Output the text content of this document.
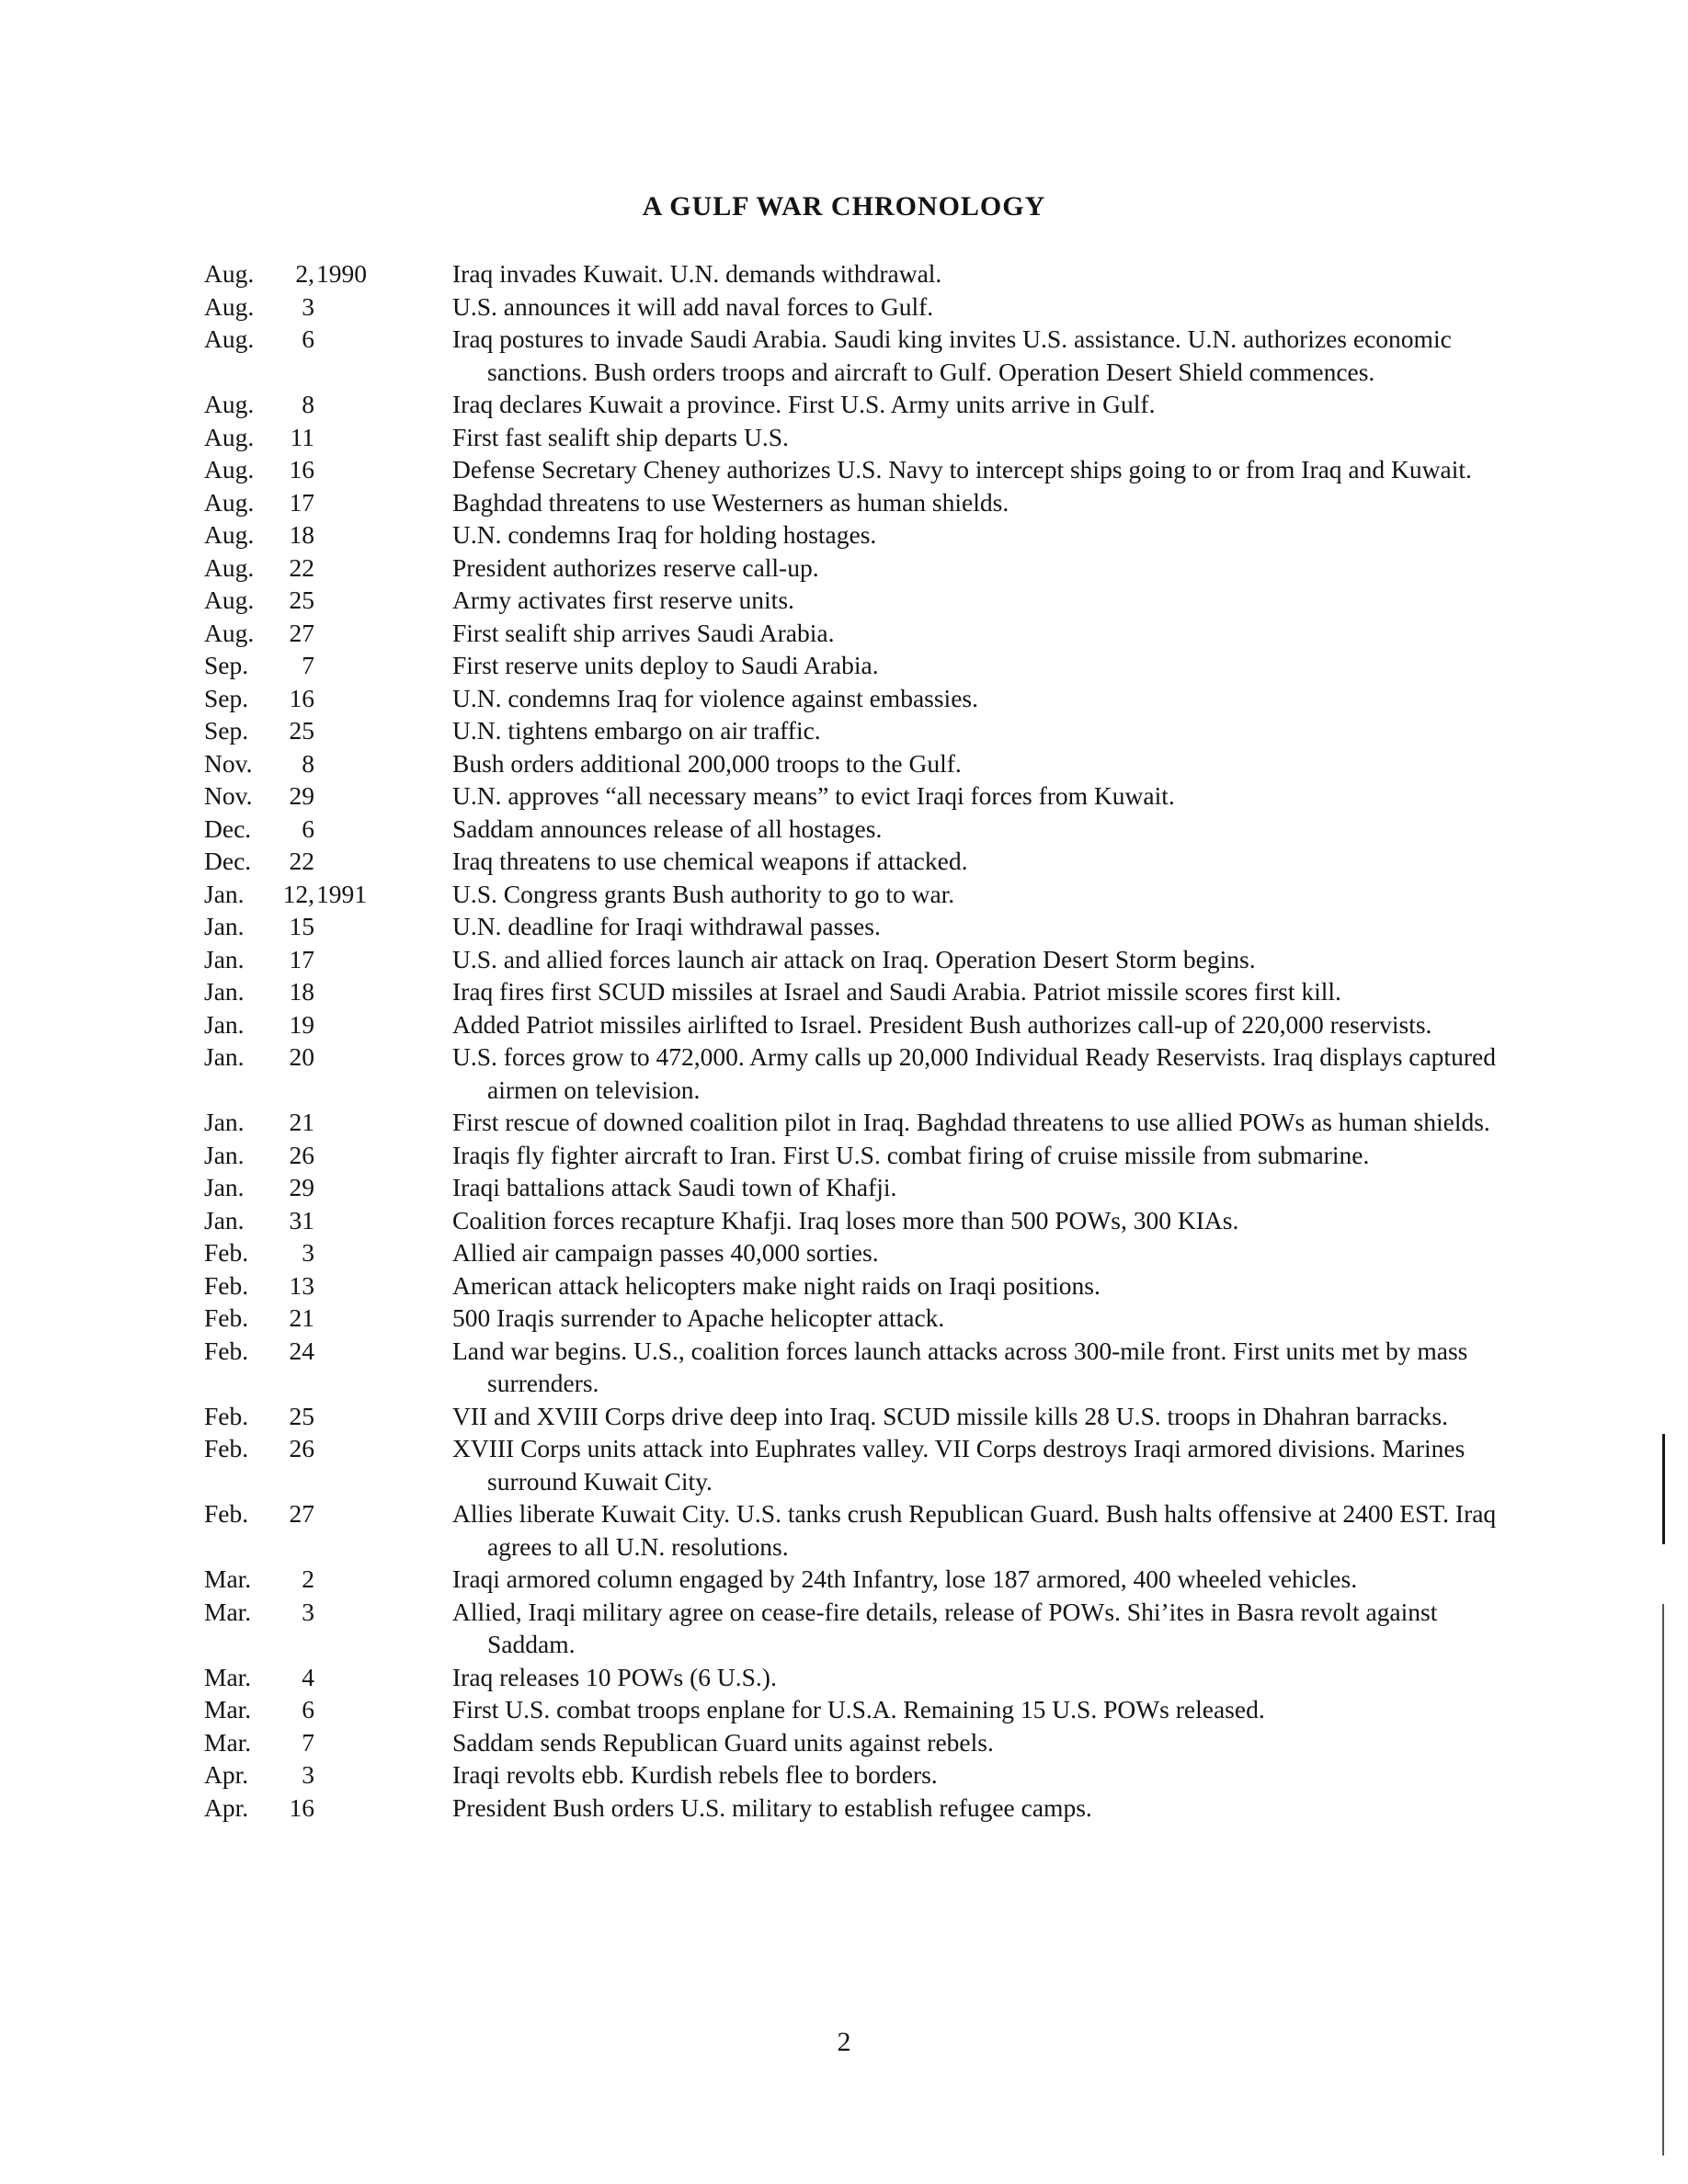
A GULF WAR CHRONOLOGY
Aug.	2, 1990	Iraq invades Kuwait. U.N. demands withdrawal.
Aug.	3	U.S. announces it will add naval forces to Gulf.
Aug.	6	Iraq postures to invade Saudi Arabia. Saudi king invites U.S. assistance. U.N. authorizes economic sanctions. Bush orders troops and aircraft to Gulf. Operation Desert Shield commences.
Aug.	8	Iraq declares Kuwait a province. First U.S. Army units arrive in Gulf.
Aug.	11	First fast sealift ship departs U.S.
Aug.	16	Defense Secretary Cheney authorizes U.S. Navy to intercept ships going to or from Iraq and Kuwait.
Aug.	17	Baghdad threatens to use Westerners as human shields.
Aug.	18	U.N. condemns Iraq for holding hostages.
Aug.	22	President authorizes reserve call-up.
Aug.	25	Army activates first reserve units.
Aug.	27	First sealift ship arrives Saudi Arabia.
Sep.	7	First reserve units deploy to Saudi Arabia.
Sep.	16	U.N. condemns Iraq for violence against embassies.
Sep.	25	U.N. tightens embargo on air traffic.
Nov.	8	Bush orders additional 200,000 troops to the Gulf.
Nov.	29	U.N. approves “all necessary means” to evict Iraqi forces from Kuwait.
Dec.	6	Saddam announces release of all hostages.
Dec.	22	Iraq threatens to use chemical weapons if attacked.
Jan.	12, 1991	U.S. Congress grants Bush authority to go to war.
Jan.	15	U.N. deadline for Iraqi withdrawal passes.
Jan.	17	U.S. and allied forces launch air attack on Iraq. Operation Desert Storm begins.
Jan.	18	Iraq fires first SCUD missiles at Israel and Saudi Arabia. Patriot missile scores first kill.
Jan.	19	Added Patriot missiles airlifted to Israel. President Bush authorizes call-up of 220,000 reservists.
Jan.	20	U.S. forces grow to 472,000. Army calls up 20,000 Individual Ready Reservists. Iraq displays captured airmen on television.
Jan.	21	First rescue of downed coalition pilot in Iraq. Baghdad threatens to use allied POWs as human shields.
Jan.	26	Iraqis fly fighter aircraft to Iran. First U.S. combat firing of cruise missile from submarine.
Jan.	29	Iraqi battalions attack Saudi town of Khafji.
Jan.	31	Coalition forces recapture Khafji. Iraq loses more than 500 POWs, 300 KIAs.
Feb.	3	Allied air campaign passes 40,000 sorties.
Feb.	13	American attack helicopters make night raids on Iraqi positions.
Feb.	21	500 Iraqis surrender to Apache helicopter attack.
Feb.	24	Land war begins. U.S., coalition forces launch attacks across 300-mile front. First units met by mass surrenders.
Feb.	25	VII and XVIII Corps drive deep into Iraq. SCUD missile kills 28 U.S. troops in Dhahran barracks.
Feb.	26	XVIII Corps units attack into Euphrates valley. VII Corps destroys Iraqi armored divisions. Marines surround Kuwait City.
Feb.	27	Allies liberate Kuwait City. U.S. tanks crush Republican Guard. Bush halts offensive at 2400 EST. Iraq agrees to all U.N. resolutions.
Mar.	2	Iraqi armored column engaged by 24th Infantry, lose 187 armored, 400 wheeled vehicles.
Mar.	3	Allied, Iraqi military agree on cease-fire details, release of POWs. Shi’ites in Basra revolt against Saddam.
Mar.	4	Iraq releases 10 POWs (6 U.S.).
Mar.	6	First U.S. combat troops enplane for U.S.A. Remaining 15 U.S. POWs released.
Mar.	7	Saddam sends Republican Guard units against rebels.
Apr.	3	Iraqi revolts ebb. Kurdish rebels flee to borders.
Apr.	16	President Bush orders U.S. military to establish refugee camps.
2
